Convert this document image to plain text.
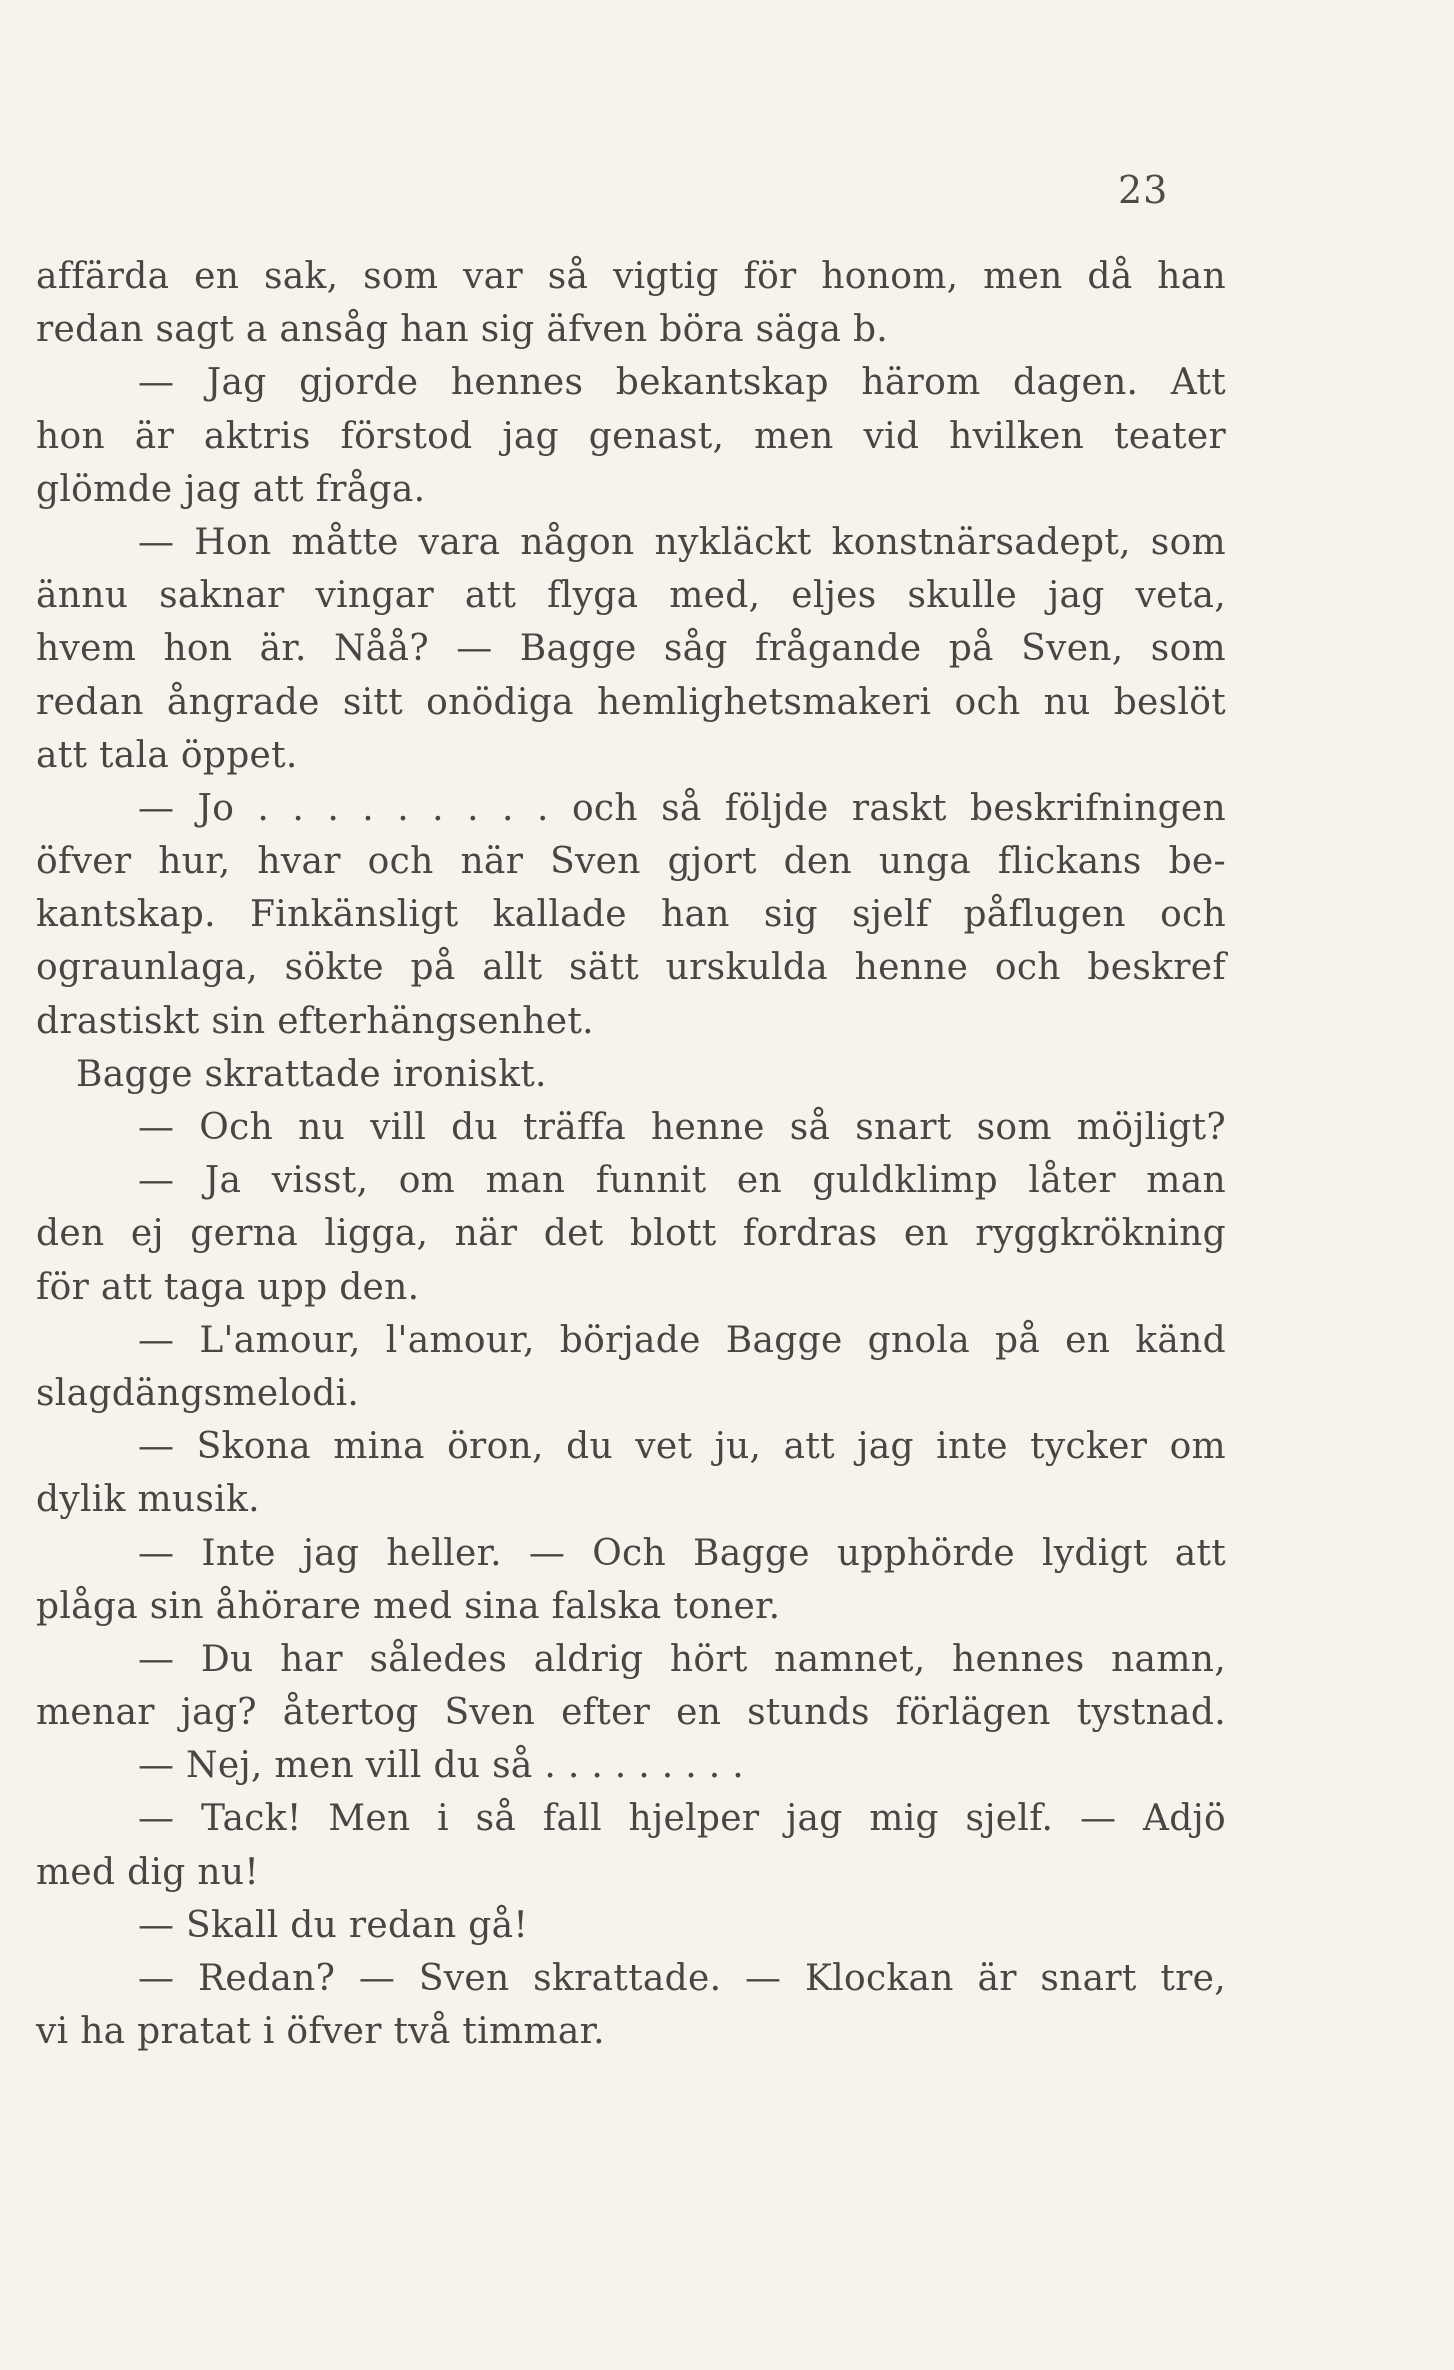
23
affärda en sak, som var så vigtig för honom, men då han
redan sagt a ansåg han sig äfven böra säga b.
— Jag gjorde hennes bekantskap härom dagen. Att
hon är aktris förstod jag genast, men vid hvilken teater
glömde jag att fråga.
— Hon måtte vara någon nykläckt konstnärsadept, som
ännu saknar vingar att flyga med, eljes skulle jag veta,
hvem hon är. Nåå? — Bagge såg frågande på Sven, som
redan ångrade sitt onödiga hemlighetsmakeri och nu beslöt
att tala öppet.
— Jo . . . . . . . . . och så följde raskt beskrifningen
öfver hur, hvar och när Sven gjort den unga flickans be-
kantskap. Finkänsligt kallade han sig sjelf påflugen och
ograunlaga, sökte på allt sätt urskulda henne och beskref
drastiskt sin efterhängsenhet.
Bagge skrattade ironiskt.
— Och nu vill du träffa henne så snart som möjligt?
— Ja visst, om man funnit en guldklimp låter man
den ej gerna ligga, när det blott fordras en ryggkrökning
för att taga upp den.
— L'amour, l'amour, började Bagge gnola på en känd
slagdängsmelodi.
— Skona mina öron, du vet ju, att jag inte tycker om
dylik musik.
— Inte jag heller. — Och Bagge upphörde lydigt att
plåga sin åhörare med sina falska toner.
— Du har således aldrig hört namnet, hennes namn,
menar jag? återtog Sven efter en stunds förlägen tystnad.
— Nej, men vill du så . . . . . . . . .
— Tack! Men i så fall hjelper jag mig sjelf. — Adjö
med dig nu!
— Skall du redan gå!
— Redan? — Sven skrattade. — Klockan är snart tre,
vi ha pratat i öfver två timmar.
